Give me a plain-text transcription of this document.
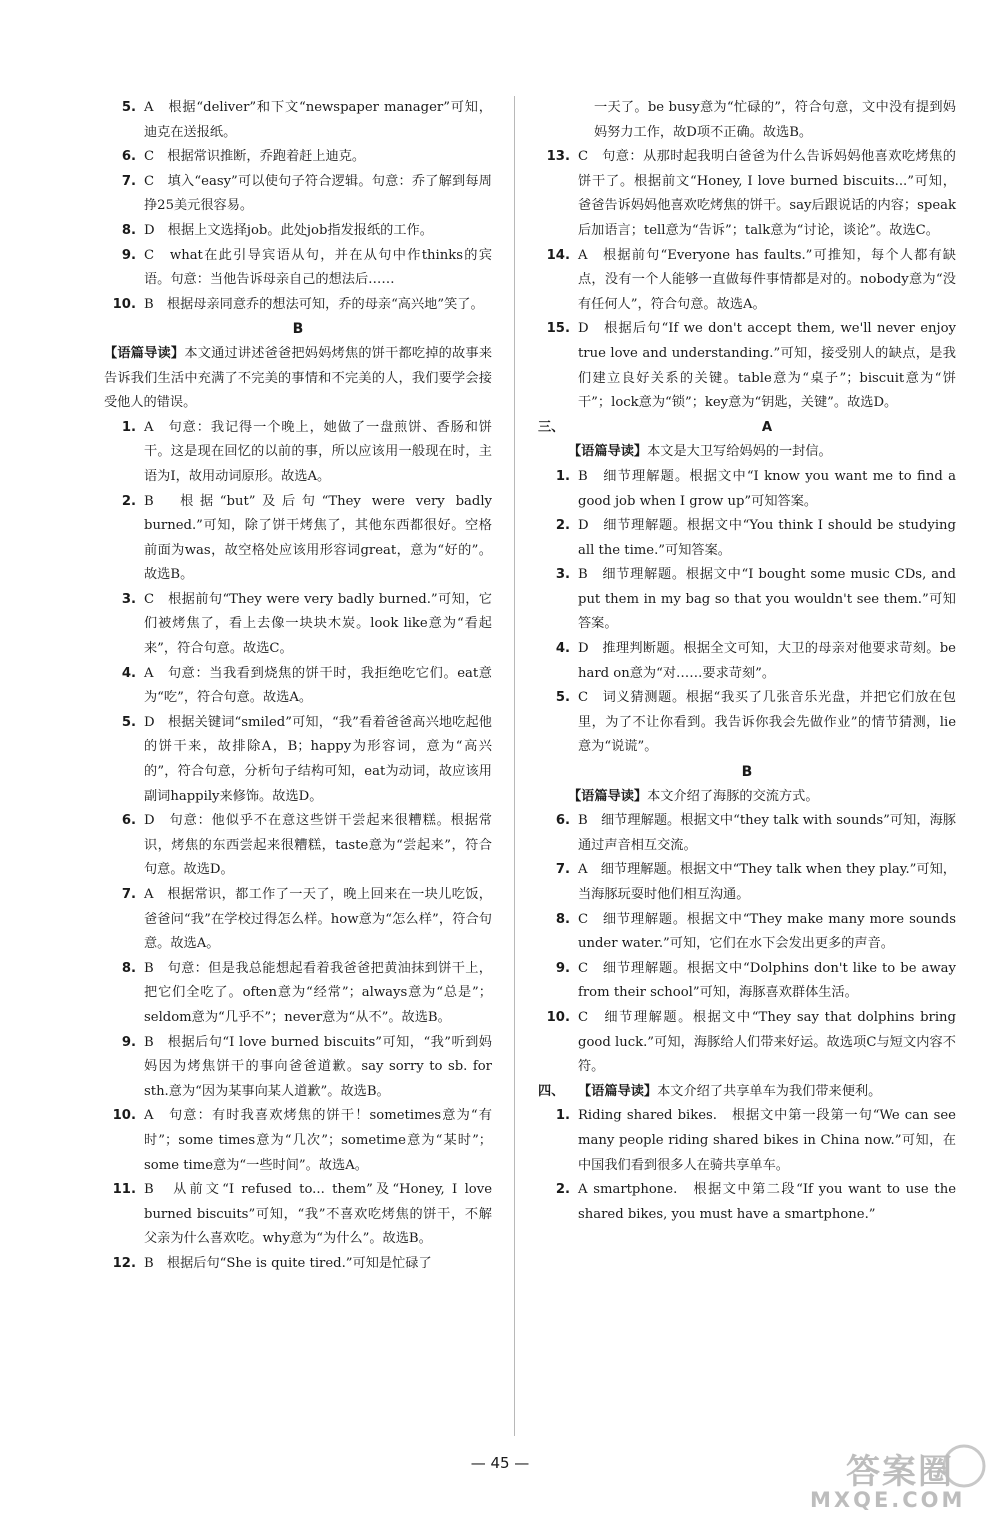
5. A　根据“deliver”和下文“newspaper manager”可知，迪克在送报纸。
6. C　根据常识推断，乔跑着赶上迪克。
7. C　填入“easy”可以使句子符合逻辑。句意：乔了解到每周挣25美元很容易。
8. D　根据上文选择job。此处job指发报纸的工作。
9. C　what在此引导宾语从句，并在从句中作thinks的宾语。句意：当他告诉母亲自己的想法后……
10. B　根据母亲同意乔的想法可知，乔的母亲“高兴地”笑了。
B
【语篇导读】本文通过讲述爸爸把妈妈烤焦的饼干都吃掉的故事来告诉我们生活中充满了不完美的事情和不完美的人，我们要学会接受他人的错误。
1. A　句意：我记得一个晚上，她做了一盘煎饼、香肠和饼干。这是现在回忆的以前的事，所以应该用一般现在时，主语为I，故用动词原形。故选A。
2. B　根据“but”及后句“They were very badly burned.”可知，除了饼干烤焦了，其他东西都很好。空格前面为was，故空格处应该用形容词great，意为“好的”。故选B。
3. C　根据前句“They were very badly burned.”可知，它们被烤焦了，看上去像一块块木炭。look like意为“看起来”，符合句意。故选C。
4. A　句意：当我看到烧焦的饼干时，我拒绝吃它们。eat意为“吃”，符合句意。故选A。
5. D　根据关键词“smiled”可知，“我”看着爸爸高兴地吃起他的饼干来，故排除A，B；happy为形容词，意为“高兴的”，符合句意，分析句子结构可知，eat为动词，故应该用副词happily来修饰。故选D。
6. D　句意：他似乎不在意这些饼干尝起来很糟糕。根据常识，烤焦的东西尝起来很糟糕，taste意为“尝起来”，符合句意。故选D。
7. A　根据常识，都工作了一天了，晚上回来在一块儿吃饭，爸爸问“我”在学校过得怎么样。how意为“怎么样”，符合句意。故选A。
8. B　句意：但是我总能想起看着我爸爸把黄油抹到饼干上，把它们全吃了。often意为“经常”；always意为“总是”；seldom意为“几乎不”；never意为“从不”。故选B。
9. B　根据后句“I love burned biscuits”可知，“我”听到妈妈因为烤焦饼干的事向爸爸道歉。say sorry to sb. for sth.意为“因为某事向某人道歉”。故选B。
10. A　句意：有时我喜欢烤焦的饼干！sometimes意为“有时”；some times意为“几次”；sometime意为“某时”；some time意为“一些时间”。故选A。
11. B　从前文“I refused to... them”及“Honey, I love burned biscuits”可知，“我”不喜欢吃烤焦的饼干，不解父亲为什么喜欢吃。why意为“为什么”。故选B。
12. B　根据后句“She is quite tired.”可知是忙碌了
一天了。be busy意为“忙碌的”，符合句意，文中没有提到妈妈努力工作，故D项不正确。故选B。
13. C　句意：从那时起我明白爸爸为什么告诉妈妈他喜欢吃烤焦的饼干了。根据前文“Honey, I love burned biscuits...”可知，爸爸告诉妈妈他喜欢吃烤焦的饼干。say后跟说话的内容；speak后加语言；tell意为“告诉”；talk意为“讨论，谈论”。故选C。
14. A　根据前句“Everyone has faults.”可推知，每个人都有缺点，没有一个人能够一直做每件事情都是对的。nobody意为“没有任何人”，符合句意。故选A。
15. D　根据后句“If we don't accept them, we'll never enjoy true love and understanding.”可知，接受别人的缺点，是我们建立良好关系的关键。table意为“桌子”；biscuit意为“饼干”；lock意为“锁”；key意为“钥匙，关键”。故选D。
三、	A
【语篇导读】本文是大卫写给妈妈的一封信。
1. B　细节理解题。根据文中“I know you want me to find a good job when I grow up”可知答案。
2. D　细节理解题。根据文中“You think I should be studying all the time.”可知答案。
3. B　细节理解题。根据文中“I bought some music CDs, and put them in my bag so that you wouldn't see them.”可知答案。
4. D　推理判断题。根据全文可知，大卫的母亲对他要求苛刻。be hard on意为“对……要求苛刻”。
5. C　词义猜测题。根据“我买了几张音乐光盘，并把它们放在包里，为了不让你看到。我告诉你我会先做作业”的情节猜测，lie意为“说谎”。
B
【语篇导读】本文介绍了海豚的交流方式。
6. B　细节理解题。根据文中“they talk with sounds”可知，海豚通过声音相互交流。
7. A　细节理解题。根据文中“They talk when they play.”可知，当海豚玩耍时他们相互沟通。
8. C　细节理解题。根据文中“They make many more sounds under water.”可知，它们在水下会发出更多的声音。
9. C　细节理解题。根据文中“Dolphins don't like to be away from their school”可知，海豚喜欢群体生活。
10. C　细节理解题。根据文中“They say that dolphins bring good luck.”可知，海豚给人们带来好运。故选项C与短文内容不符。
四、	【语篇导读】本文介绍了共享单车为我们带来便利。
1. Riding shared bikes.　根据文中第一段第一句“We can see many people riding shared bikes in China now.”可知，在中国我们看到很多人在骑共享单车。
2. A smartphone.　根据文中第二段“If you want to use the shared bikes, you must have a smartphone.”
— 45 —	答案圈
MXQE.COM
